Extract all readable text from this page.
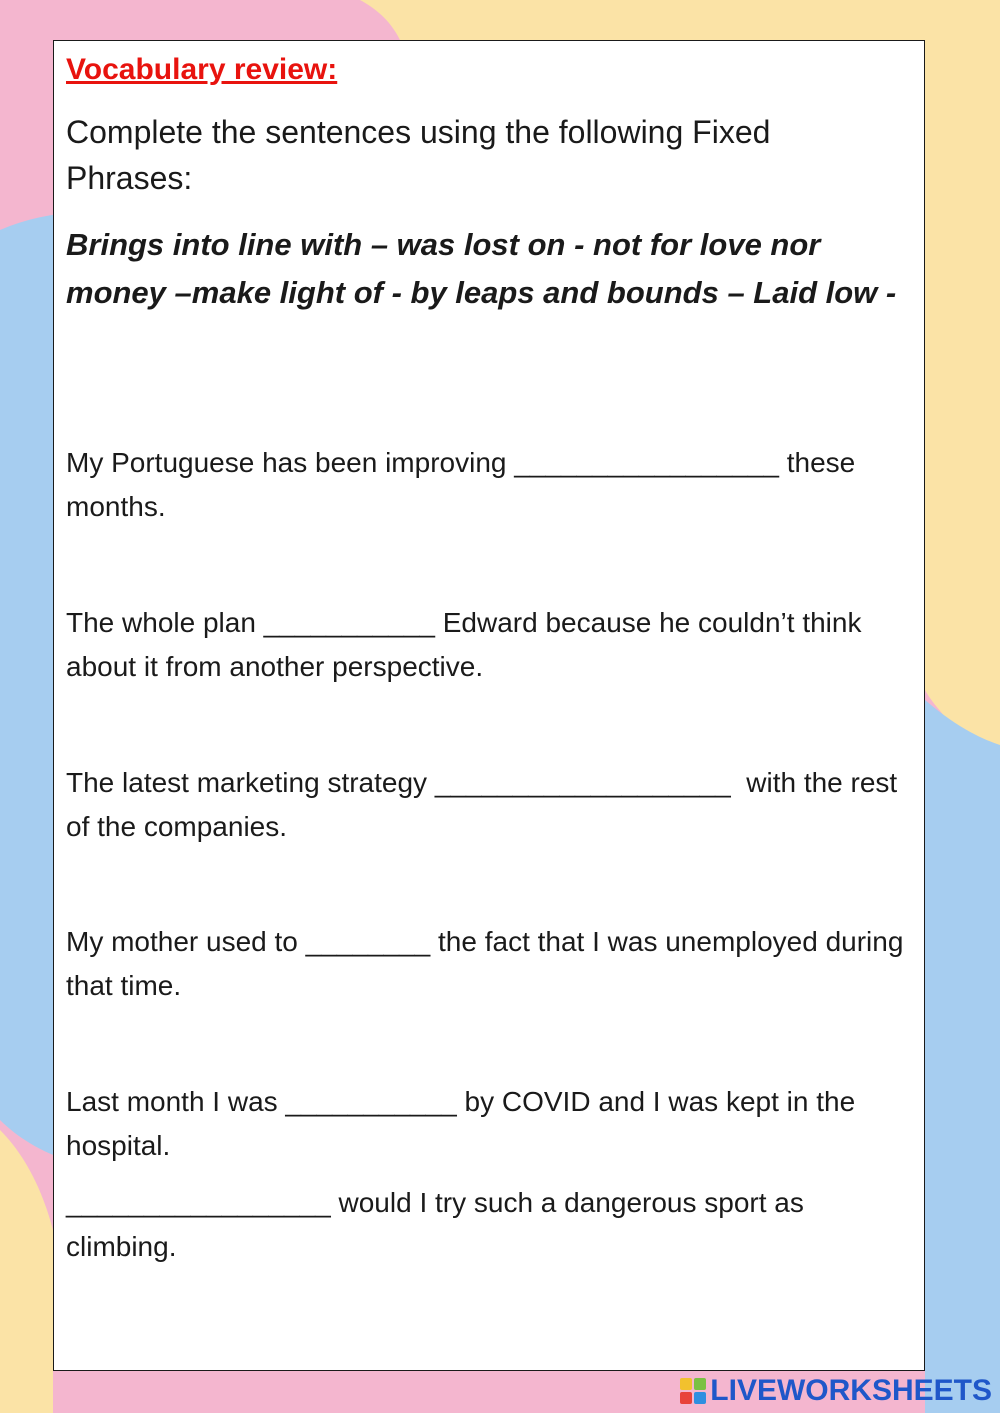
Vocabulary review:

Complete the sentences using the following Fixed Phrases:

Brings into line with – was lost on - not for love nor money –make light of - by leaps and bounds – Laid low -

My Portuguese has been improving _________________ these months.

The whole plan ___________ Edward because he couldn’t think about it from another perspective.

The latest marketing strategy ___________________  with the rest of the companies.

My mother used to ________ the fact that I was unemployed during that time.

Last month I was ___________ by COVID and I was kept in the hospital.

_________________ would I try such a dangerous sport as climbing.

LIVEWORKSHEETS
